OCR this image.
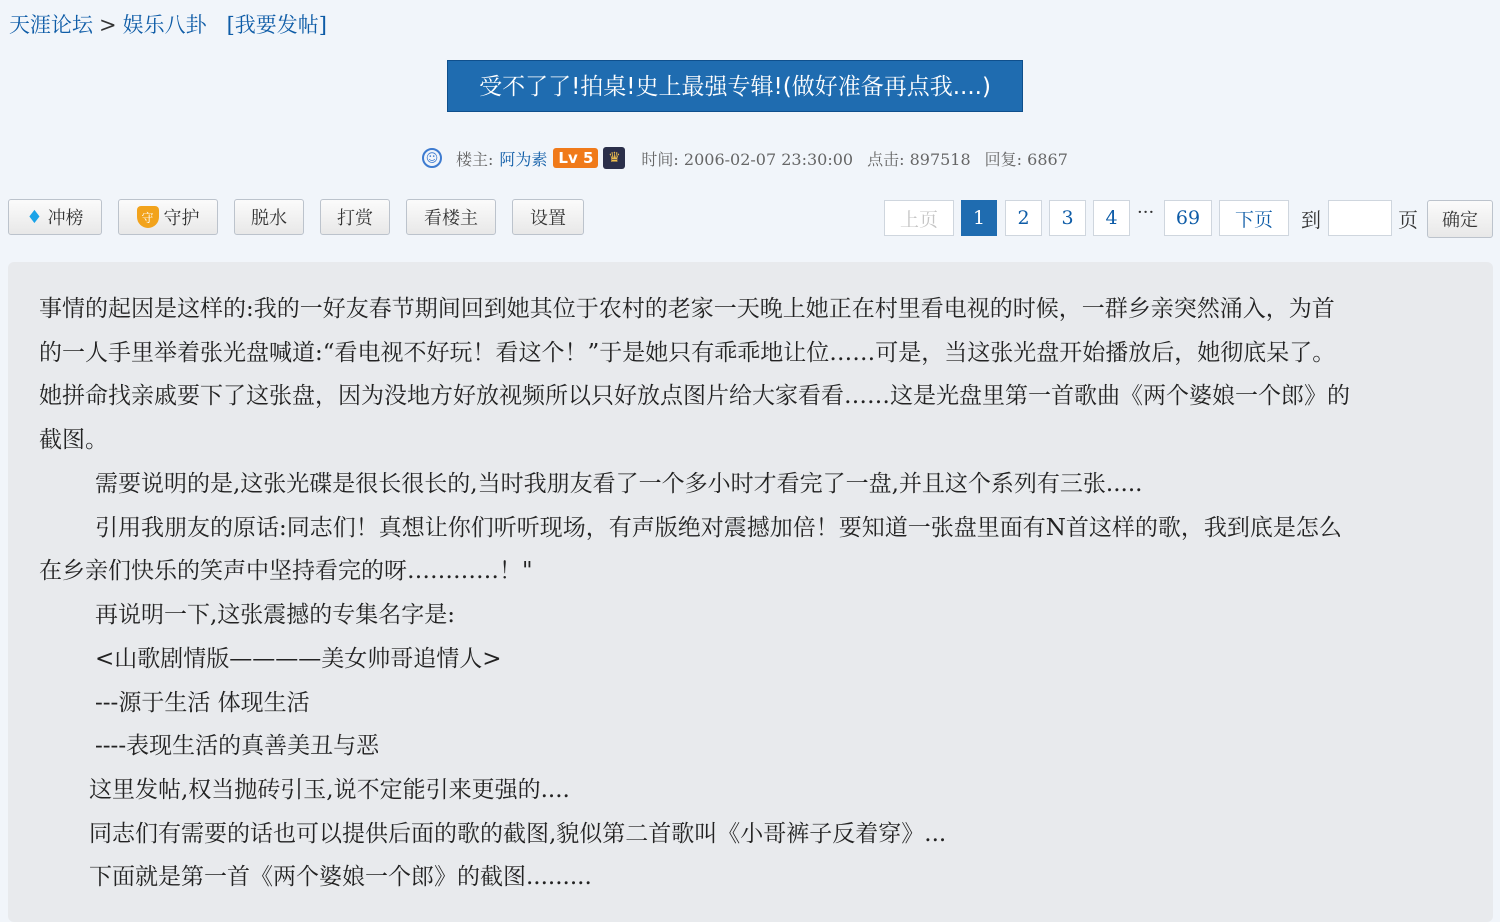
天涯论坛 > 娱乐八卦 [我要发帖]
受不了了!拍桌!史上最强专辑!(做好准备再点我....)
☺ 楼主: 阿为素 Lv 5	♛ 时间: 2006-02-07 23:30:00 点击: 897518 回复: 6867
♦ 冲榜	守 守护	脱水	打赏	看楼主	设置	上页	1	2	3	4	···	69	下页	到	页	确定
事情的起因是这样的:我的一好友春节期间回到她其位于农村的老家一天晚上她正在村里看电视的时候，一群乡亲突然涌入，为首
的一人手里举着张光盘喊道:“看电视不好玩！看这个！”于是她只有乖乖地让位……可是，当这张光盘开始播放后，她彻底呆了。
她拼命找亲戚要下了这张盘，因为没地方好放视频所以只好放点图片给大家看看……这是光盘里第一首歌曲《两个婆娘一个郎》的
截图。
需要说明的是,这张光碟是很长很长的,当时我朋友看了一个多小时才看完了一盘,并且这个系列有三张.....
引用我朋友的原话:同志们！真想让你们听听现场，有声版绝对震撼加倍！要知道一张盘里面有N首这样的歌，我到底是怎么
在乡亲们快乐的笑声中坚持看完的呀…………！"
再说明一下,这张震撼的专集名字是:
<山歌剧情版————美女帅哥追情人>
---源于生活 体现生活
----表现生活的真善美丑与恶
这里发帖,权当抛砖引玉,说不定能引来更强的....
同志们有需要的话也可以提供后面的歌的截图,貌似第二首歌叫《小哥裤子反着穿》...
下面就是第一首《两个婆娘一个郎》的截图.........
